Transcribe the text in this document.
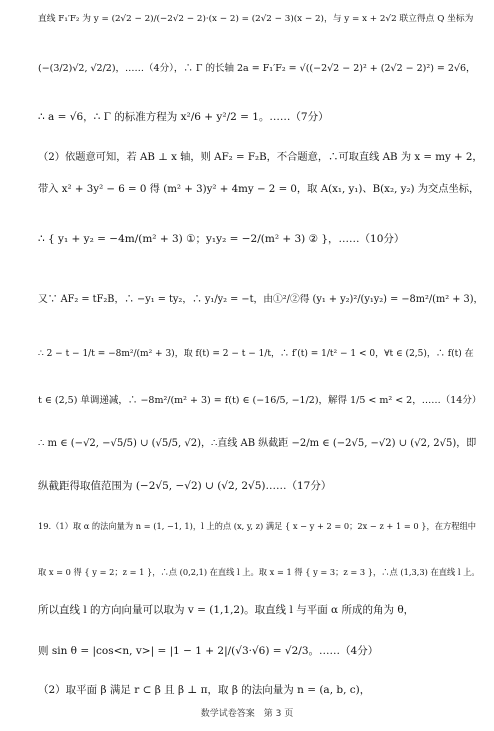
直线 F₁′F₂ 为 y = (2√2 − 2)/(−2√2 − 2)·(x − 2) = (2√2 − 3)(x − 2)，与 y = x + 2√2 联立得点 Q 坐标为
(−(3/2)√2, √2/2)，……（4分），∴ Γ 的长轴 2a = F₁′F₂ = √((−2√2 − 2)² + (2√2 − 2)²) = 2√6，
∴ a = √6，∴ Γ 的标准方程为 x²/6 + y²/2 = 1。……（7分）
（2）依题意可知，若 AB ⊥ x 轴，则 AF₂ = F₂B，不合题意，∴可取直线 AB 为 x = my + 2，
带入 x² + 3y² − 6 = 0 得 (m² + 3)y² + 4my − 2 = 0，取 A(x₁, y₁)、B(x₂, y₂) 为交点坐标，
∴ { y₁ + y₂ = −4m/(m² + 3) ①；y₁y₂ = −2/(m² + 3) ② }，……（10分）
又∵ AF₂ = tF₂B，∴ −y₁ = ty₂，∴ y₁/y₂ = −t，由①²/②得 (y₁ + y₂)²/(y₁y₂) = −8m²/(m² + 3)，
∴ 2 − t − 1/t = −8m²/(m² + 3)，取 f(t) = 2 − t − 1/t，∴ f′(t) = 1/t² − 1 < 0，∀t ∈ (2,5)，∴ f(t) 在
t ∈ (2,5) 单调递减，∴ −8m²/(m² + 3) = f(t) ∈ (−16/5, −1/2)，解得 1/5 < m² < 2，……（14分）
∴ m ∈ (−√2, −√5/5) ∪ (√5/5, √2)，∴直线 AB 纵截距 −2/m ∈ (−2√5, −√2) ∪ (√2, 2√5)，即
纵截距得取值范围为 (−2√5, −√2) ∪ (√2, 2√5)……（17分）
19.（1）取 α 的法向量为 n = (1, −1, 1)，l 上的点 (x, y, z) 满足 { x − y + 2 = 0；2x − z + 1 = 0 }，在方程组中
取 x = 0 得 { y = 2；z = 1 }，∴点 (0,2,1) 在直线 l 上。取 x = 1 得 { y = 3；z = 3 }，∴点 (1,3,3) 在直线 l 上。
所以直线 l 的方向向量可以取为 v = (1,1,2)。取直线 l 与平面 α 所成的角为 θ，
则 sin θ = |cos<n, v>| = |1 − 1 + 2|/(√3·√6) = √2/3。……（4分）
（2）取平面 β 满足 r ⊂ β 且 β ⊥ π，取 β 的法向量为 n = (a, b, c)，
数学试卷答案　第 3 页
